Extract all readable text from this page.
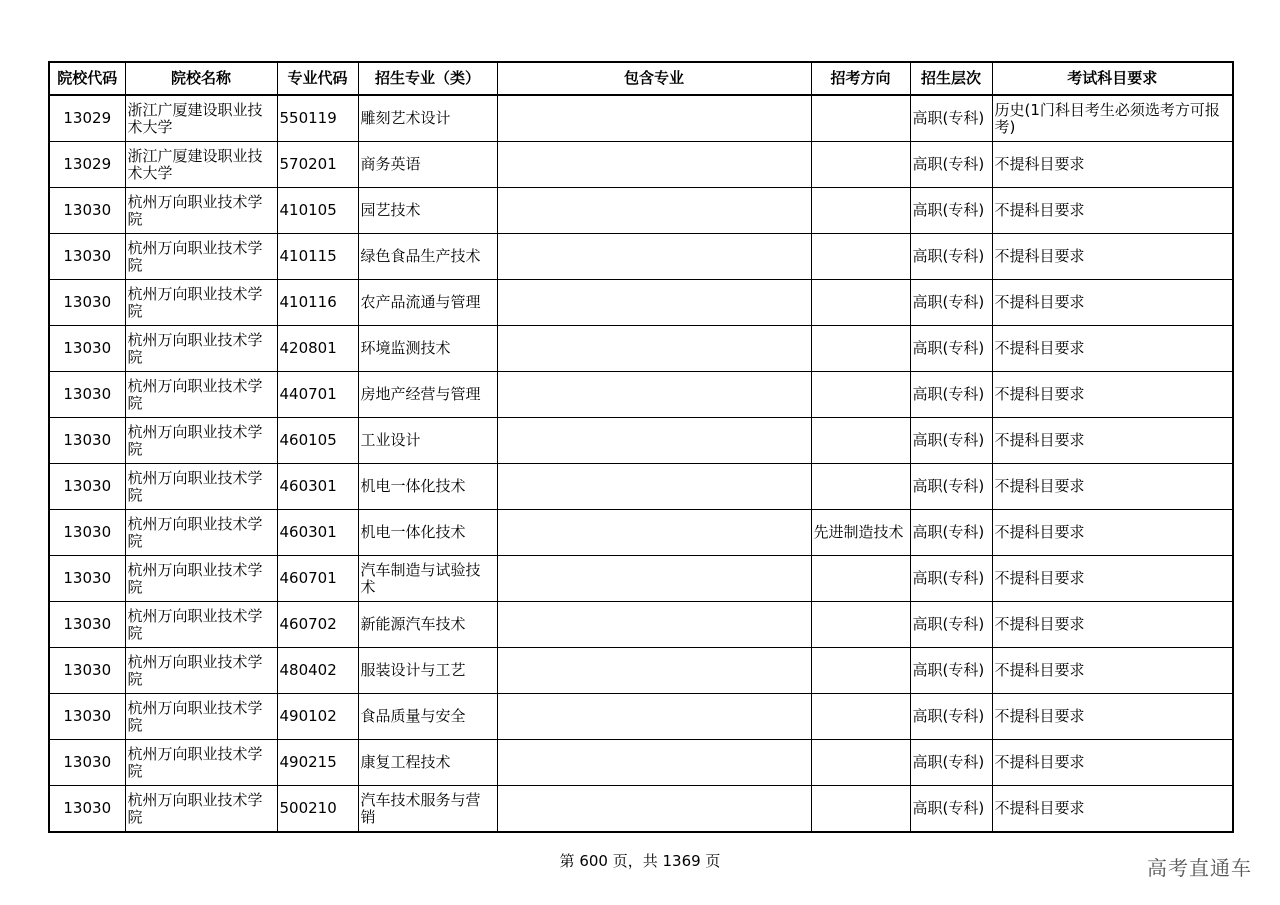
院校代码	院校名称	专业代码	招生专业（类）	包含专业	招考方向	招生层次	考试科目要求
13029	浙江广厦建设职业技术大学	550119	雕刻艺术设计			高职(专科)	历史(1门科目考生必须选考方可报考)
13029	浙江广厦建设职业技术大学	570201	商务英语			高职(专科)	不提科目要求
13030	杭州万向职业技术学院	410105	园艺技术			高职(专科)	不提科目要求
13030	杭州万向职业技术学院	410115	绿色食品生产技术			高职(专科)	不提科目要求
13030	杭州万向职业技术学院	410116	农产品流通与管理			高职(专科)	不提科目要求
13030	杭州万向职业技术学院	420801	环境监测技术			高职(专科)	不提科目要求
13030	杭州万向职业技术学院	440701	房地产经营与管理			高职(专科)	不提科目要求
13030	杭州万向职业技术学院	460105	工业设计			高职(专科)	不提科目要求
13030	杭州万向职业技术学院	460301	机电一体化技术			高职(专科)	不提科目要求
13030	杭州万向职业技术学院	460301	机电一体化技术		先进制造技术	高职(专科)	不提科目要求
13030	杭州万向职业技术学院	460701	汽车制造与试验技术			高职(专科)	不提科目要求
13030	杭州万向职业技术学院	460702	新能源汽车技术			高职(专科)	不提科目要求
13030	杭州万向职业技术学院	480402	服装设计与工艺			高职(专科)	不提科目要求
13030	杭州万向职业技术学院	490102	食品质量与安全			高职(专科)	不提科目要求
13030	杭州万向职业技术学院	490215	康复工程技术			高职(专科)	不提科目要求
13030	杭州万向职业技术学院	500210	汽车技术服务与营销			高职(专科)	不提科目要求
第 600 页，共 1369 页	高考直通车
